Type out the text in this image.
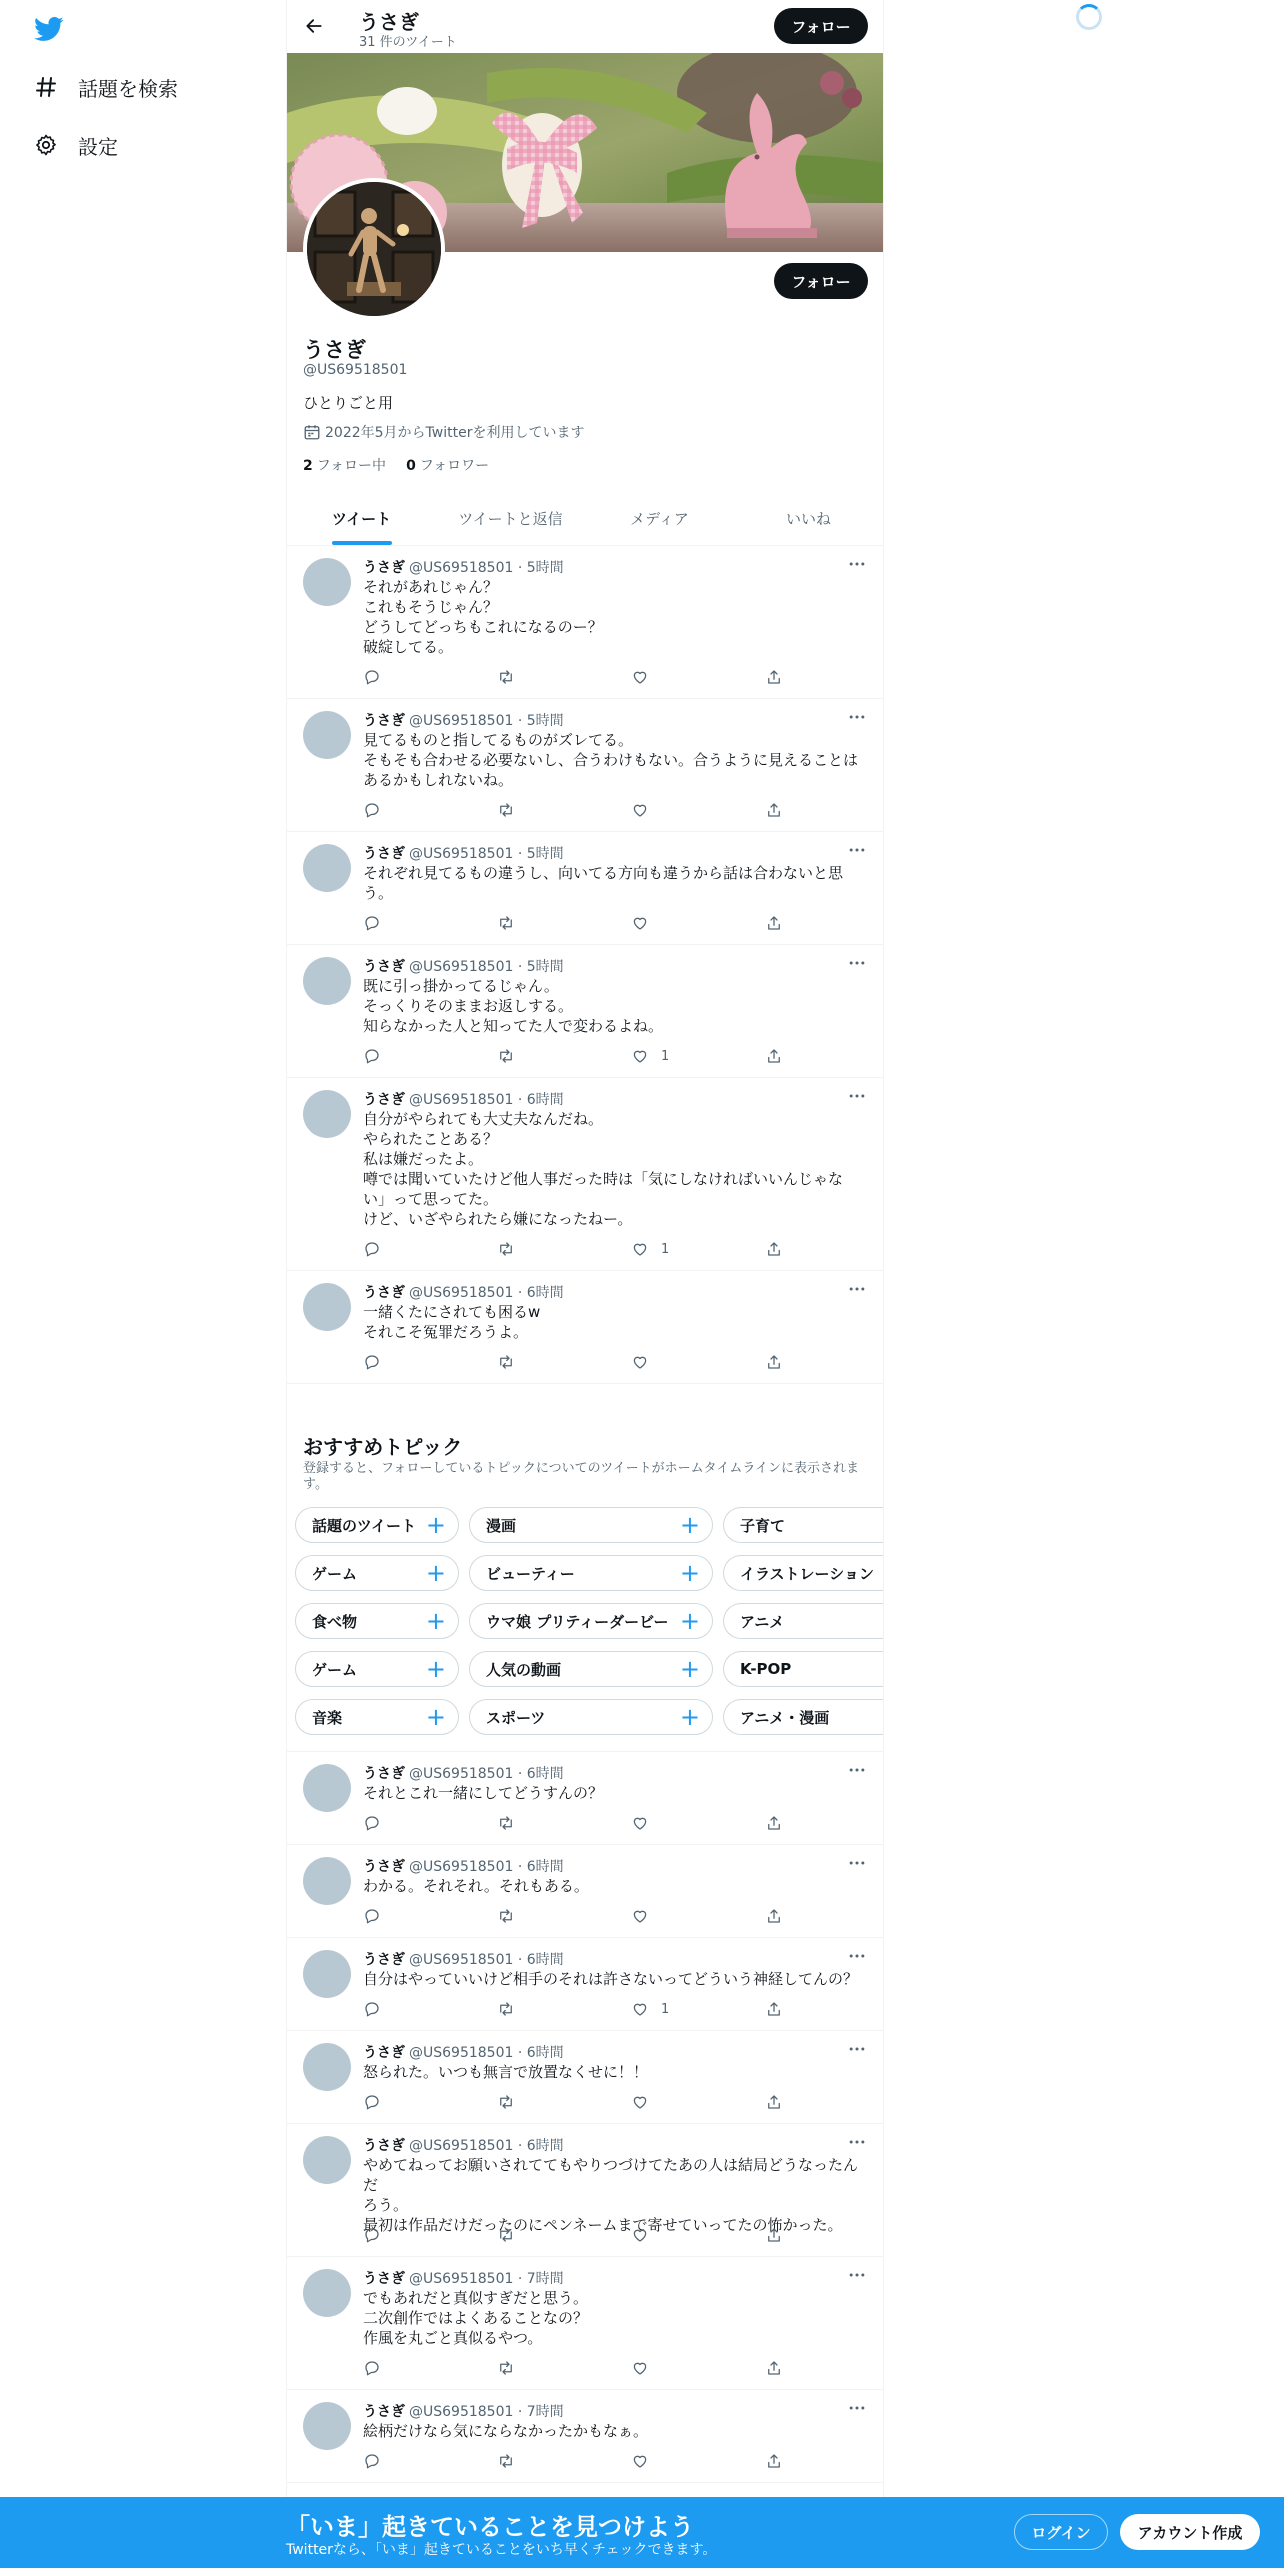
話題を検索
設定
うさぎ
31 件のツイート
フォロー
フォロー
うさぎ
@US69518501
ひとりごと用
2022年5月からTwitterを利用しています
2 フォロー中 0 フォロワー
ツイート	ツイートと返信	メディア	いいね
うさぎ @US69518501 · 5時間
それがあれじゃん？
これもそうじゃん？
どうしてどっちもこれになるのー？
破綻してる。
うさぎ @US69518501 · 5時間
見てるものと指してるものがズレてる。
そもそも合わせる必要ないし、合うわけもない。合うように見えることは
あるかもしれないね。
うさぎ @US69518501 · 5時間
それぞれ見てるもの違うし、向いてる方向も違うから話は合わないと思
う。
うさぎ @US69518501 · 5時間
既に引っ掛かってるじゃん。
そっくりそのままお返しする。
知らなかった人と知ってた人で変わるよね。
1
うさぎ @US69518501 · 6時間
自分がやられても大丈夫なんだね。
やられたことある？
私は嫌だったよ。
噂では聞いていたけど他人事だった時は「気にしなければいいんじゃな
い」って思ってた。
けど、いざやられたら嫌になったねー。
1
うさぎ @US69518501 · 6時間
一緒くたにされても困るw
それこそ冤罪だろうよ。
おすすめトピック
登録すると、フォローしているトピックについてのツイートがホームタイムラインに表示されま
す。
話題のツイート +	漫画	+	子育て
ゲーム	+	ビューティー	+	イラストレーション
食べ物	+	ウマ娘 プリティーダービー +	アニメ
ゲーム	+	人気の動画	+	K-POP
音楽	+	スポーツ	+	アニメ・漫画
うさぎ @US69518501 · 6時間
それとこれ一緒にしてどうすんの？
うさぎ @US69518501 · 6時間
わかる。それそれ。それもある。
うさぎ @US69518501 · 6時間
自分はやっていいけど相手のそれは許さないってどういう神経してんの？
1
うさぎ @US69518501 · 6時間
怒られた。いつも無言で放置なくせに！！
うさぎ @US69518501 · 6時間
やめてねってお願いされててもやりつづけてたあの人は結局どうなったんだ
ろう。
最初は作品だけだったのにペンネームまで寄せていってたの怖かった。
うさぎ @US69518501 · 7時間
でもあれだと真似すぎだと思う。
二次創作ではよくあることなの？
作風を丸ごと真似るやつ。
うさぎ @US69518501 · 7時間
絵柄だけなら気にならなかったかもなぁ。
「いま」起きていることを見つけよう
Twitterなら、「いま」起きていることをいち早くチェックできます。
ログイン	アカウント作成
